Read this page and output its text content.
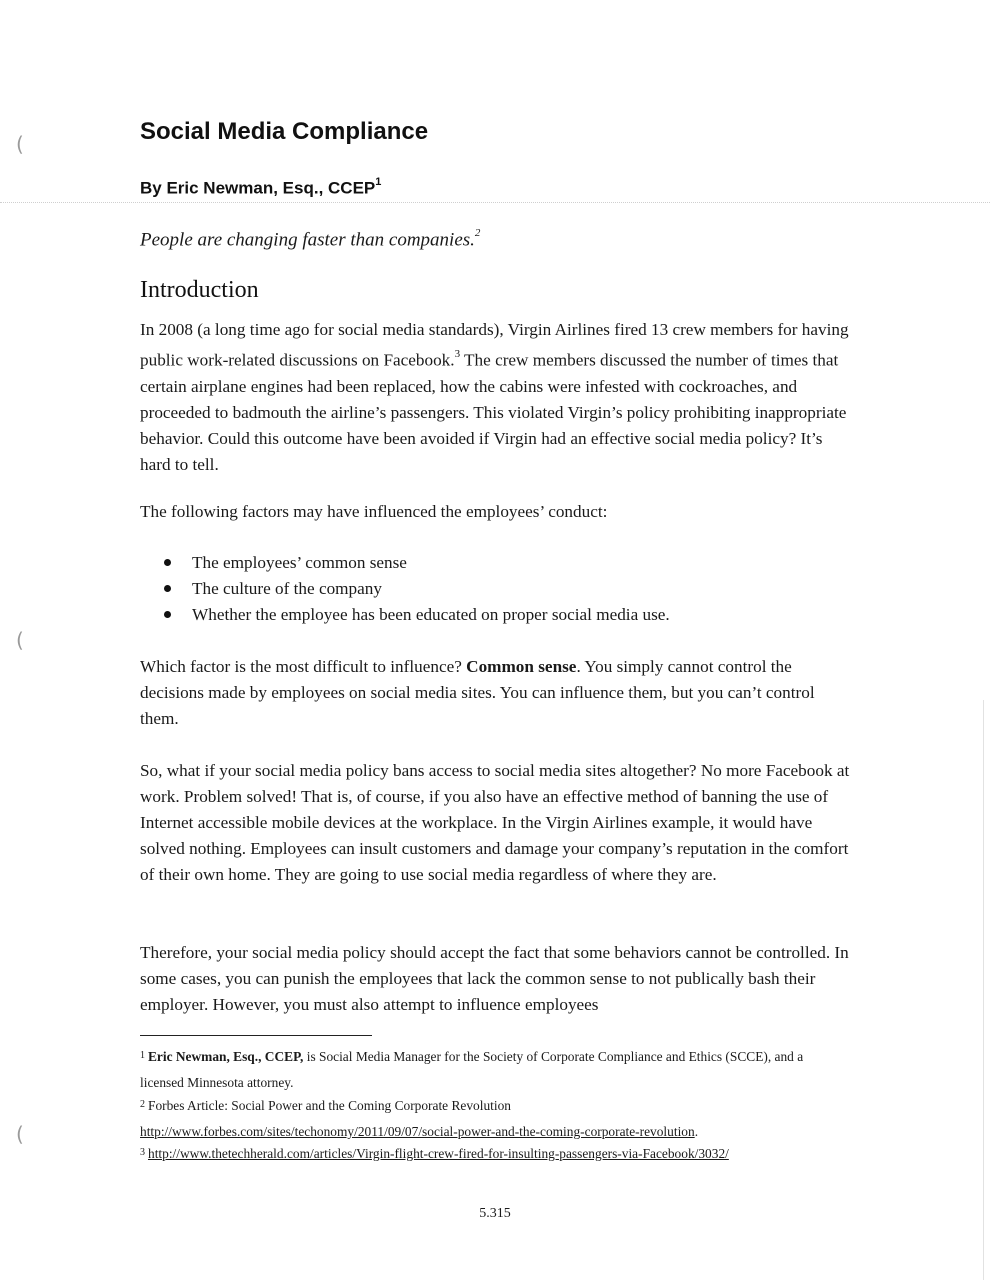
(
(
(
Social Media Compliance

By Eric Newman, Esq., CCEP$^1$

People are changing faster than companies.$^2$

Introduction

In 2008 (a long time ago for social media standards), Virgin Airlines fired 13 crew members for having public work-related discussions on Facebook.$^3$ The crew members discussed the number of times that certain airplane engines had been replaced, how the cabins were infested with cockroaches, and proceeded to badmouth the airline’s passengers. This violated Virgin’s policy prohibiting inappropriate behavior. Could this outcome have been avoided if Virgin had an effective social media policy? It’s hard to tell.

The following factors may have influenced the employees’ conduct:

The employees’ common sense
The culture of the company
Whether the employee has been educated on proper social media use.

Which factor is the most difficult to influence? Common sense. You simply cannot control the decisions made by employees on social media sites. You can influence them, but you can’t control them.

So, what if your social media policy bans access to social media sites altogether? No more Facebook at work. Problem solved! That is, of course, if you also have an effective method of banning the use of Internet accessible mobile devices at the workplace. In the Virgin Airlines example, it would have solved nothing. Employees can insult customers and damage your company’s reputation in the comfort of their own home. They are going to use social media regardless of where they are.

Therefore, your social media policy should accept the fact that some behaviors cannot be controlled. In some cases, you can punish the employees that lack the common sense to not publically bash their employer. However, you must also attempt to influence employees

$^1$ Eric Newman, Esq., CCEP, is Social Media Manager for the Society of Corporate Compliance and Ethics (SCCE), and a licensed Minnesota attorney.

$^2$ Forbes Article: Social Power and the Coming Corporate Revolution
http://www.forbes.com/sites/techonomy/2011/09/07/social-power-and-the-coming-corporate-revolution.

$^3$ http://www.thetechherald.com/articles/Virgin-flight-crew-fired-for-insulting-passengers-via-Facebook/3032/

5.315
